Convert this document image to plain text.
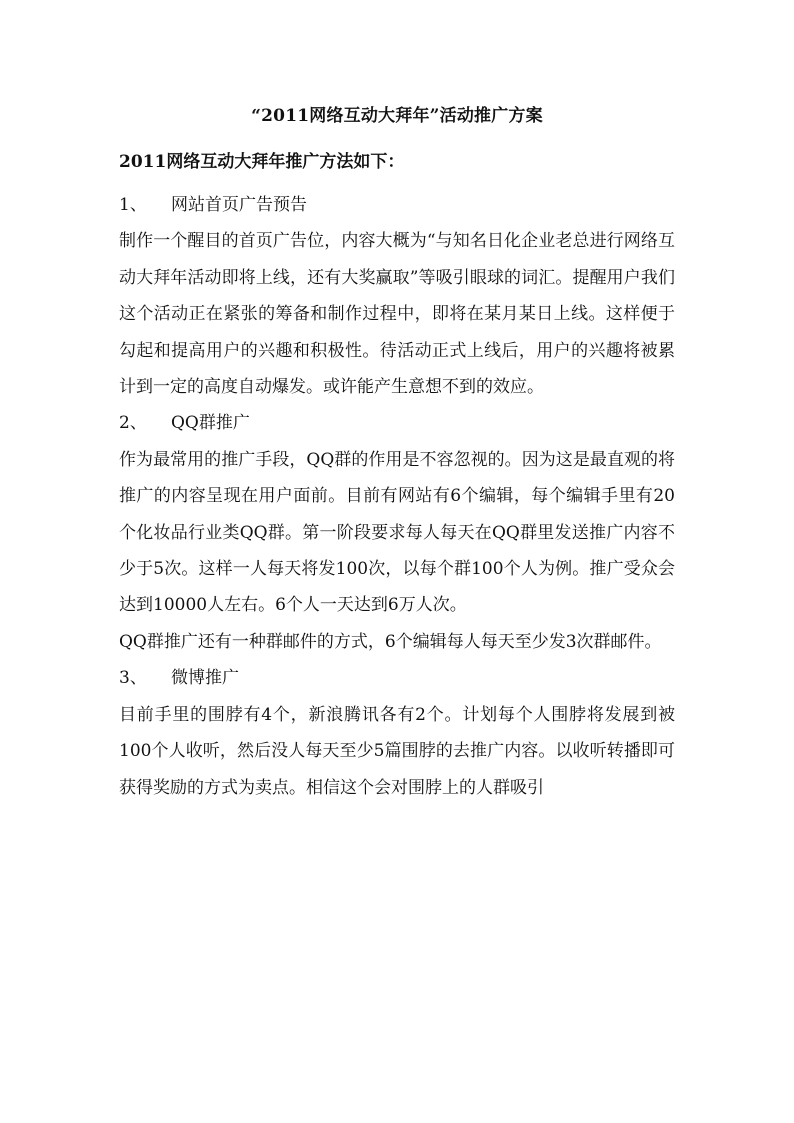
“2011网络互动大拜年”活动推广方案
2011网络互动大拜年推广方法如下：

1、 网站首页广告预告

制作一个醒目的首页广告位，内容大概为“与知名日化企业老总进行网络互动大拜年活动即将上线，还有大奖赢取”等吸引眼球的词汇。提醒用户我们这个活动正在紧张的筹备和制作过程中，即将在某月某日上线。这样便于勾起和提高用户的兴趣和积极性。待活动正式上线后，用户的兴趣将被累计到一定的高度自动爆发。或许能产生意想不到的效应。

2、 QQ群推广

作为最常用的推广手段，QQ群的作用是不容忽视的。因为这是最直观的将推广的内容呈现在用户面前。目前有网站有6个编辑，每个编辑手里有20个化妆品行业类QQ群。第一阶段要求每人每天在QQ群里发送推广内容不少于5次。这样一人每天将发100次，以每个群100个人为例。推广受众会达到10000人左右。6个人一天达到6万人次。

QQ群推广还有一种群邮件的方式，6个编辑每人每天至少发3次群邮件。

3、 微博推广

目前手里的围脖有4个，新浪腾讯各有2个。计划每个人围脖将发展到被100个人收听，然后没人每天至少5篇围脖的去推广内容。以收听转播即可获得奖励的方式为卖点。相信这个会对围脖上的人群吸引
